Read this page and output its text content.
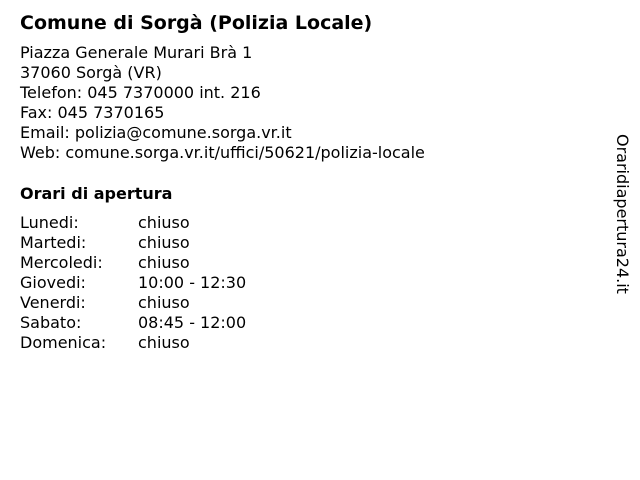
Comune di Sorgà (Polizia Locale)
Piazza Generale Murari Brà 1
37060 Sorgà (VR)
Telefon: 045 7370000 int. 216
Fax: 045 7370165
Email: polizia@comune.sorga.vr.it
Web: comune.sorga.vr.it/uffici/50621/polizia-locale
Orari di apertura
Lunedi:	chiuso
Martedi:	chiuso
Mercoledi: chiuso
Giovedi:	10:00 - 12:30
Venerdi:	chiuso
Sabato:	08:45 - 12:00
Domenica: chiuso
Oraridiapertura24.it
